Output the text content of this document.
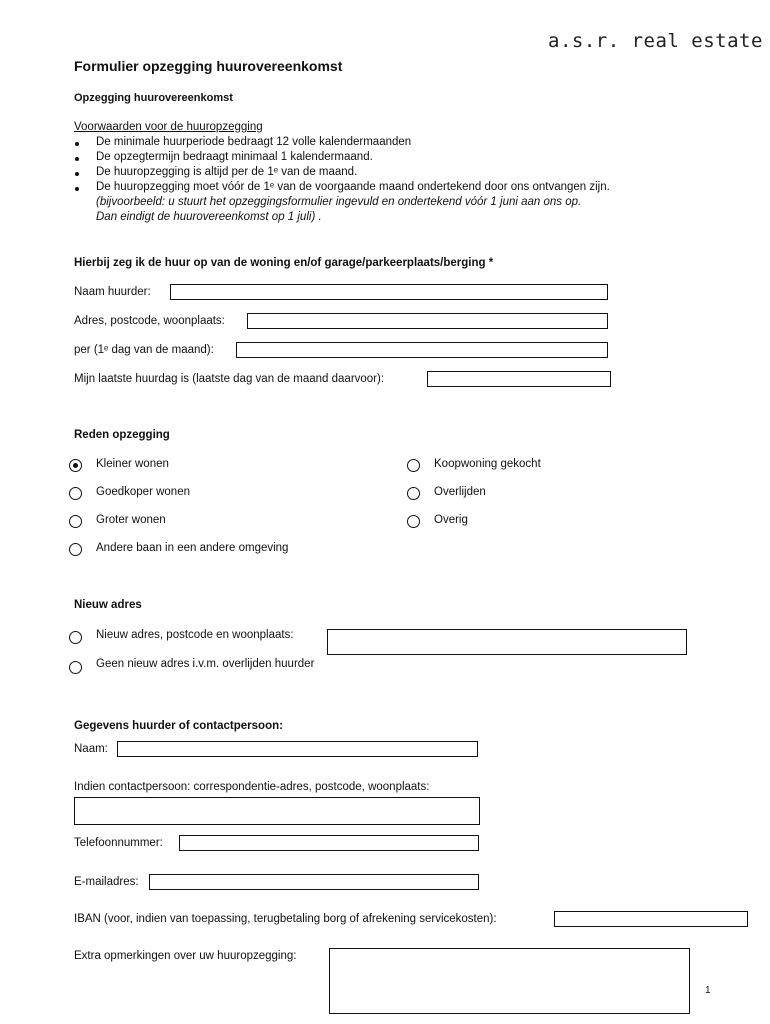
a.s.r. real estate
Formulier opzegging huurovereenkomst
Opzegging huurovereenkomst
Voorwaarden voor de huuropzegging
De minimale huurperiode bedraagt 12 volle kalendermaanden
De opzegtermijn bedraagt minimaal 1 kalendermaand.
De huuropzegging is altijd per de 1ᵉ van de maand.
De huuropzegging moet vóór de 1ᵉ van de voorgaande maand ondertekend door ons ontvangen zijn.
(bijvoorbeeld: u stuurt het opzeggingsformulier ingevuld en ondertekend vóór 1 juni aan ons op.
Dan eindigt de huurovereenkomst op 1 juli) .
Hierbij zeg ik de huur op van de woning en/of garage/parkeerplaats/berging *
Naam huurder:
Adres, postcode, woonplaats:
per (1ᵉ dag van de maand):
Mijn laatste huurdag is (laatste dag van de maand daarvoor):
Reden opzegging
Kleiner wonen
Goedkoper wonen
Groter wonen
Andere baan in een andere omgeving
Koopwoning gekocht
Overlijden
Overig
Nieuw adres
Nieuw adres, postcode en woonplaats:
Geen nieuw adres i.v.m. overlijden huurder
Gegevens huurder of contactpersoon:
Naam:
Indien contactpersoon: correspondentie-adres, postcode, woonplaats:
Telefoonnummer:
E-mailadres:
IBAN (voor, indien van toepassing, terugbetaling borg of afrekening servicekosten):
Extra opmerkingen over uw huuropzegging:
1
